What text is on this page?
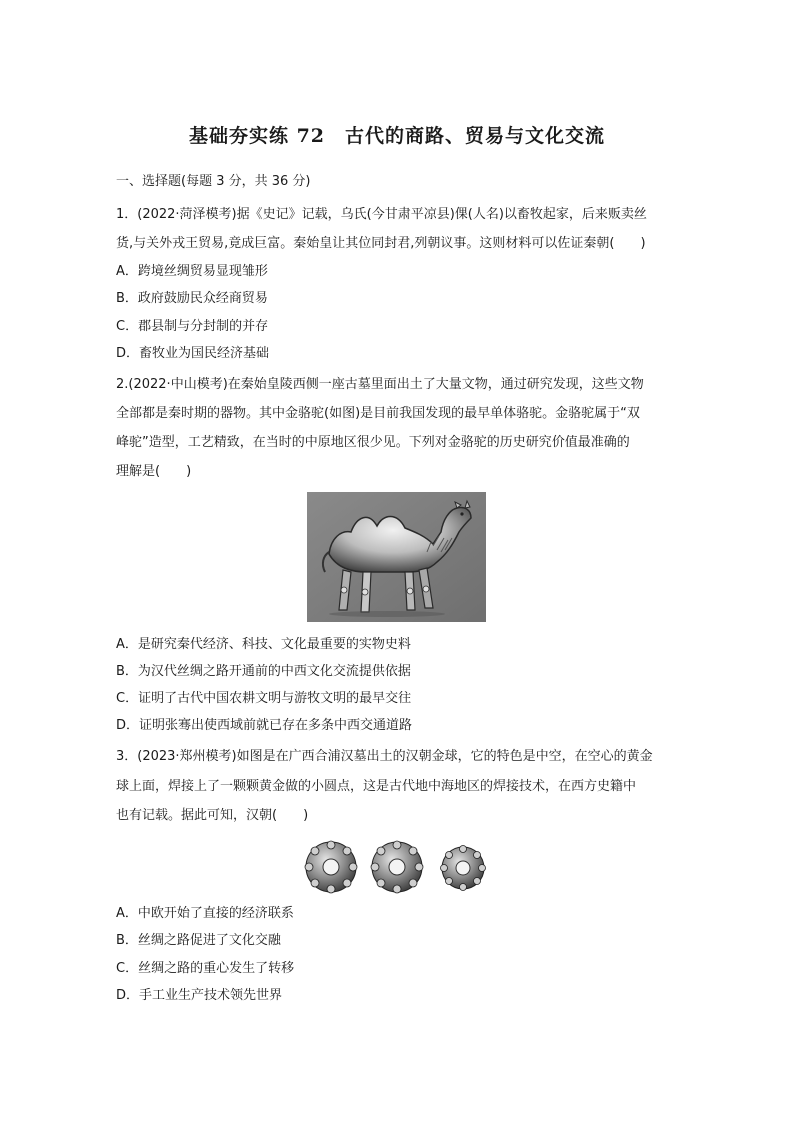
基础夯实练 72　古代的商路、贸易与文化交流
一、选择题(每题 3 分，共 36 分)
1．(2022·菏泽模考)据《史记》记载，乌氏(今甘肃平凉县)倮(人名)以畜牧起家，后来贩卖丝
货,与关外戎王贸易,竟成巨富。秦始皇让其位同封君,列朝议事。这则材料可以佐证秦朝(　　)
A．跨境丝绸贸易显现雏形
B．政府鼓励民众经商贸易
C．郡县制与分封制的并存
D．畜牧业为国民经济基础
2.(2022·中山模考)在秦始皇陵西侧一座古墓里面出土了大量文物，通过研究发现，这些文物
全部都是秦时期的器物。其中金骆驼(如图)是目前我国发现的最早单体骆驼。金骆驼属于“双
峰驼”造型，工艺精致，在当时的中原地区很少见。下列对金骆驼的历史研究价值最准确的
理解是(　　)
A．是研究秦代经济、科技、文化最重要的实物史料
B．为汉代丝绸之路开通前的中西文化交流提供依据
C．证明了古代中国农耕文明与游牧文明的最早交往
D．证明张骞出使西域前就已存在多条中西交通道路
3．(2023·郑州模考)如图是在广西合浦汉墓出土的汉朝金球，它的特色是中空，在空心的黄金
球上面，焊接上了一颗颗黄金做的小圆点，这是古代地中海地区的焊接技术，在西方史籍中
也有记载。据此可知，汉朝(　　)
A．中欧开始了直接的经济联系
B．丝绸之路促进了文化交融
C．丝绸之路的重心发生了转移
D．手工业生产技术领先世界
